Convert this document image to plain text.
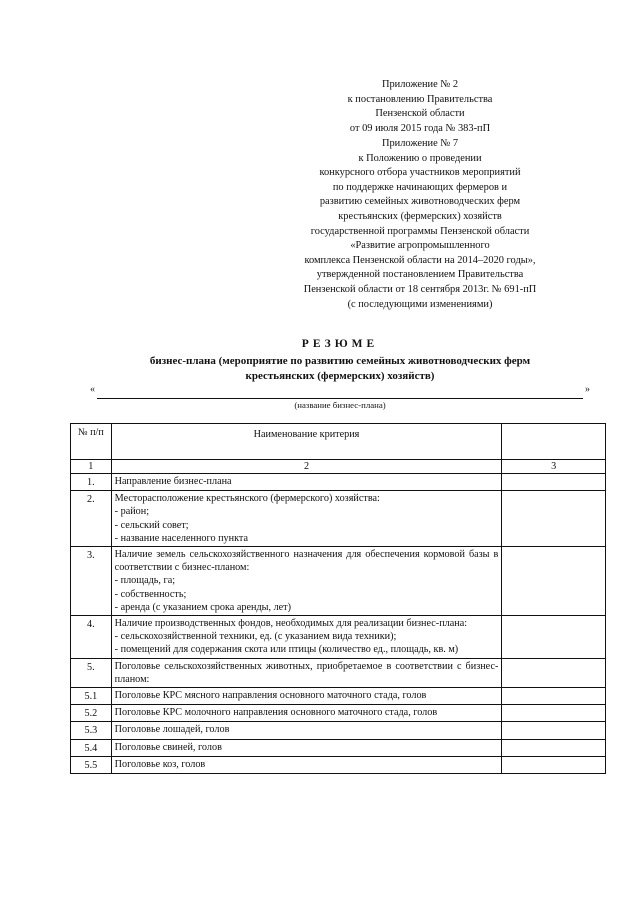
Приложение № 2
к постановлению Правительства
Пензенской области
от 09 июля 2015 года № 383-пП
Приложение № 7
к Положению о проведении
конкурсного отбора участников мероприятий
по поддержке начинающих фермеров и
развитию семейных животноводческих ферм
крестьянских (фермерских) хозяйств
государственной программы Пензенской области
«Развитие агропромышленного
комплекса Пензенской области на 2014–2020 годы»,
утвержденной постановлением Правительства
Пензенской области от 18 сентября 2013г. № 691-пП
(с последующими изменениями)
РЕЗЮМЕ
бизнес-плана (мероприятие по развитию семейных животноводческих ферм
крестьянских (фермерских) хозяйств)
«	»
(название бизнес-плана)
№ п/п	Наименование критерия	
1	2	3
1.	Направление бизнес-плана	

2.	Месторасположение крестьянского (фермерского) хозяйства:
- район;
- сельский совет;
- название населенного пункта	

3.	Наличие земель сельскохозяйственного назначения для обеспечения кормовой базы в соответствии с бизнес-планом:
- площадь, га;
- собственность;
- аренда (с указанием срока аренды, лет)	

4.	Наличие производственных фондов, необходимых для реализации бизнес-плана:
- сельскохозяйственной техники, ед. (с указанием вида техники);
- помещений для содержания скота или птицы (количество ед., площадь, кв. м)	

5.	Поголовье сельскохозяйственных животных, приобретаемое в соответствии с бизнес-планом:	
5.1	Поголовье КРС мясного направления основного маточного стада, голов	
5.2	Поголовье КРС молочного направления основного маточного стада, голов	
5.3	Поголовье лошадей, голов	

5.4	Поголовье свиней, голов	

5.5	Поголовье коз, голов	
